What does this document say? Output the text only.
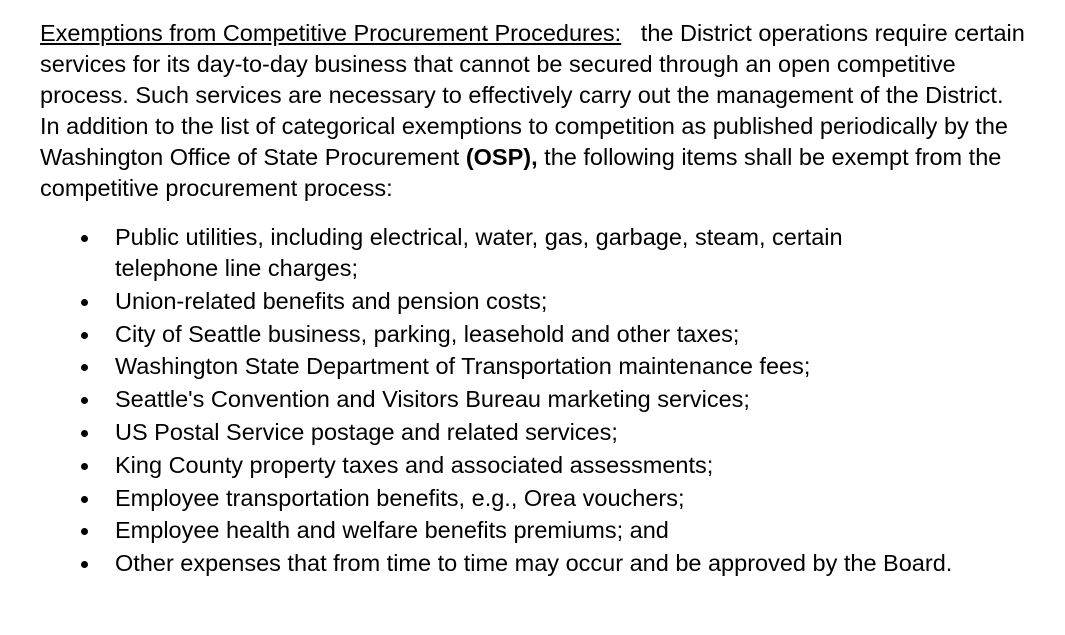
Exemptions from Competitive Procurement Procedures: the District operations require certain services for its day-to-day business that cannot be secured through an open competitive process. Such services are necessary to effectively carry out the management of the District. In addition to the list of categorical exemptions to competition as published periodically by the Washington Office of State Procurement (OSP), the following items shall be exempt from the competitive procurement process:

Public utilities, including electrical, water, gas, garbage, steam, certain telephone line charges;
Union-related benefits and pension costs;
City of Seattle business, parking, leasehold and other taxes;
Washington State Department of Transportation maintenance fees;
Seattle's Convention and Visitors Bureau marketing services;
US Postal Service postage and related services;
King County property taxes and associated assessments;
Employee transportation benefits, e.g., Orea vouchers;
Employee health and welfare benefits premiums; and
Other expenses that from time to time may occur and be approved by the Board.
